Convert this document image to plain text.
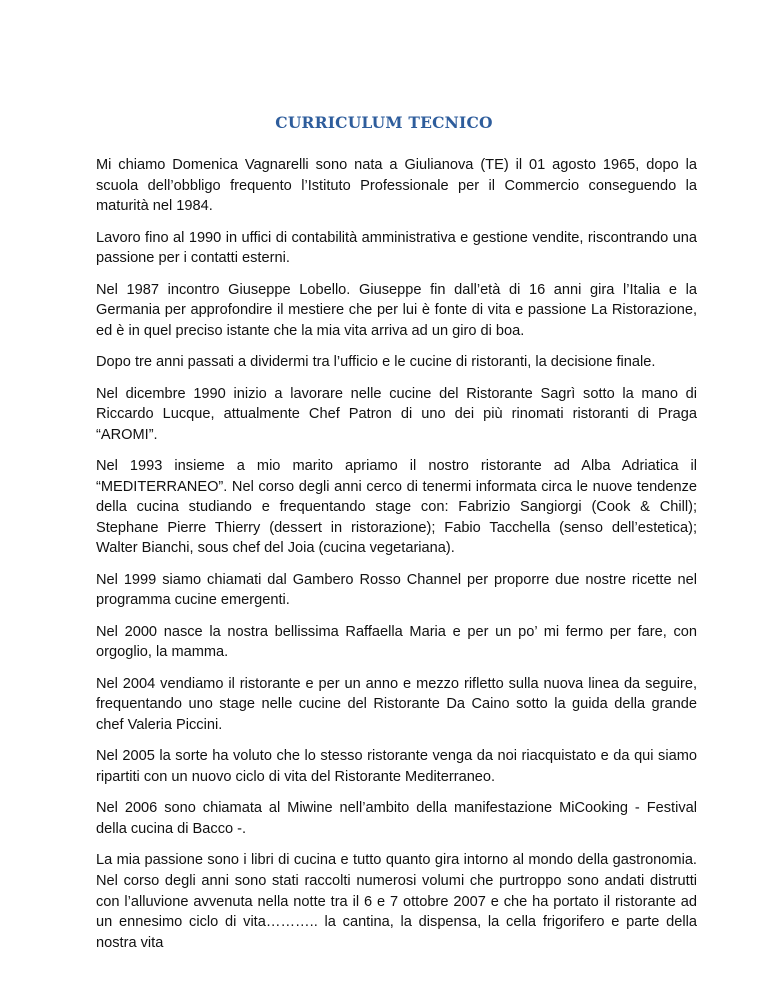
CURRICULUM TECNICO

Mi chiamo Domenica Vagnarelli sono nata a Giulianova (TE) il 01 agosto 1965, dopo la scuola dell’obbligo frequento l’Istituto Professionale per il Commercio conseguendo la maturità nel 1984.

Lavoro fino al 1990 in uffici di contabilità amministrativa e gestione vendite, riscontrando una passione per i contatti esterni.

Nel 1987 incontro Giuseppe Lobello. Giuseppe fin dall’età di 16 anni gira l’Italia e la Germania per approfondire il mestiere che per lui è fonte di vita e passione La Ristorazione, ed è in quel preciso istante che la mia vita arriva ad un giro di boa.

Dopo tre anni passati a dividermi tra l’ufficio e le cucine di ristoranti, la decisione finale.

Nel dicembre 1990 inizio a lavorare nelle cucine del Ristorante Sagrì sotto la mano di Riccardo Lucque, attualmente Chef Patron di uno dei più rinomati ristoranti di Praga “AROMI”.

Nel 1993 insieme a mio marito apriamo il nostro ristorante ad Alba Adriatica il “MEDITERRANEO”. Nel corso degli anni cerco di tenermi informata circa le nuove tendenze della cucina studiando e frequentando stage con: Fabrizio Sangiorgi (Cook & Chill); Stephane Pierre Thierry (dessert in ristorazione); Fabio Tacchella (senso dell’estetica); Walter Bianchi, sous chef del Joia (cucina vegetariana).

Nel 1999 siamo chiamati dal Gambero Rosso Channel per proporre due nostre ricette nel programma cucine emergenti.

Nel 2000 nasce la nostra bellissima Raffaella Maria e per un po’ mi fermo per fare, con orgoglio, la mamma.

Nel 2004 vendiamo il ristorante e per un anno e mezzo rifletto sulla nuova linea da seguire, frequentando uno stage nelle cucine del Ristorante Da Caino sotto la guida della grande chef Valeria Piccini.

Nel 2005 la sorte ha voluto che lo stesso ristorante venga da noi riacquistato e da qui siamo ripartiti con un nuovo ciclo di vita del Ristorante Mediterraneo.

Nel 2006 sono chiamata al Miwine nell’ambito della manifestazione MiCooking - Festival della cucina di Bacco -.

La mia passione sono i libri di cucina e tutto quanto gira intorno al mondo della gastronomia. Nel corso degli anni sono stati raccolti numerosi volumi che purtroppo sono andati distrutti con l’alluvione avvenuta nella notte tra il 6 e 7 ottobre 2007 e che ha portato il ristorante ad un ennesimo ciclo di vita……….. la cantina, la dispensa, la cella frigorifero e parte della nostra vita
